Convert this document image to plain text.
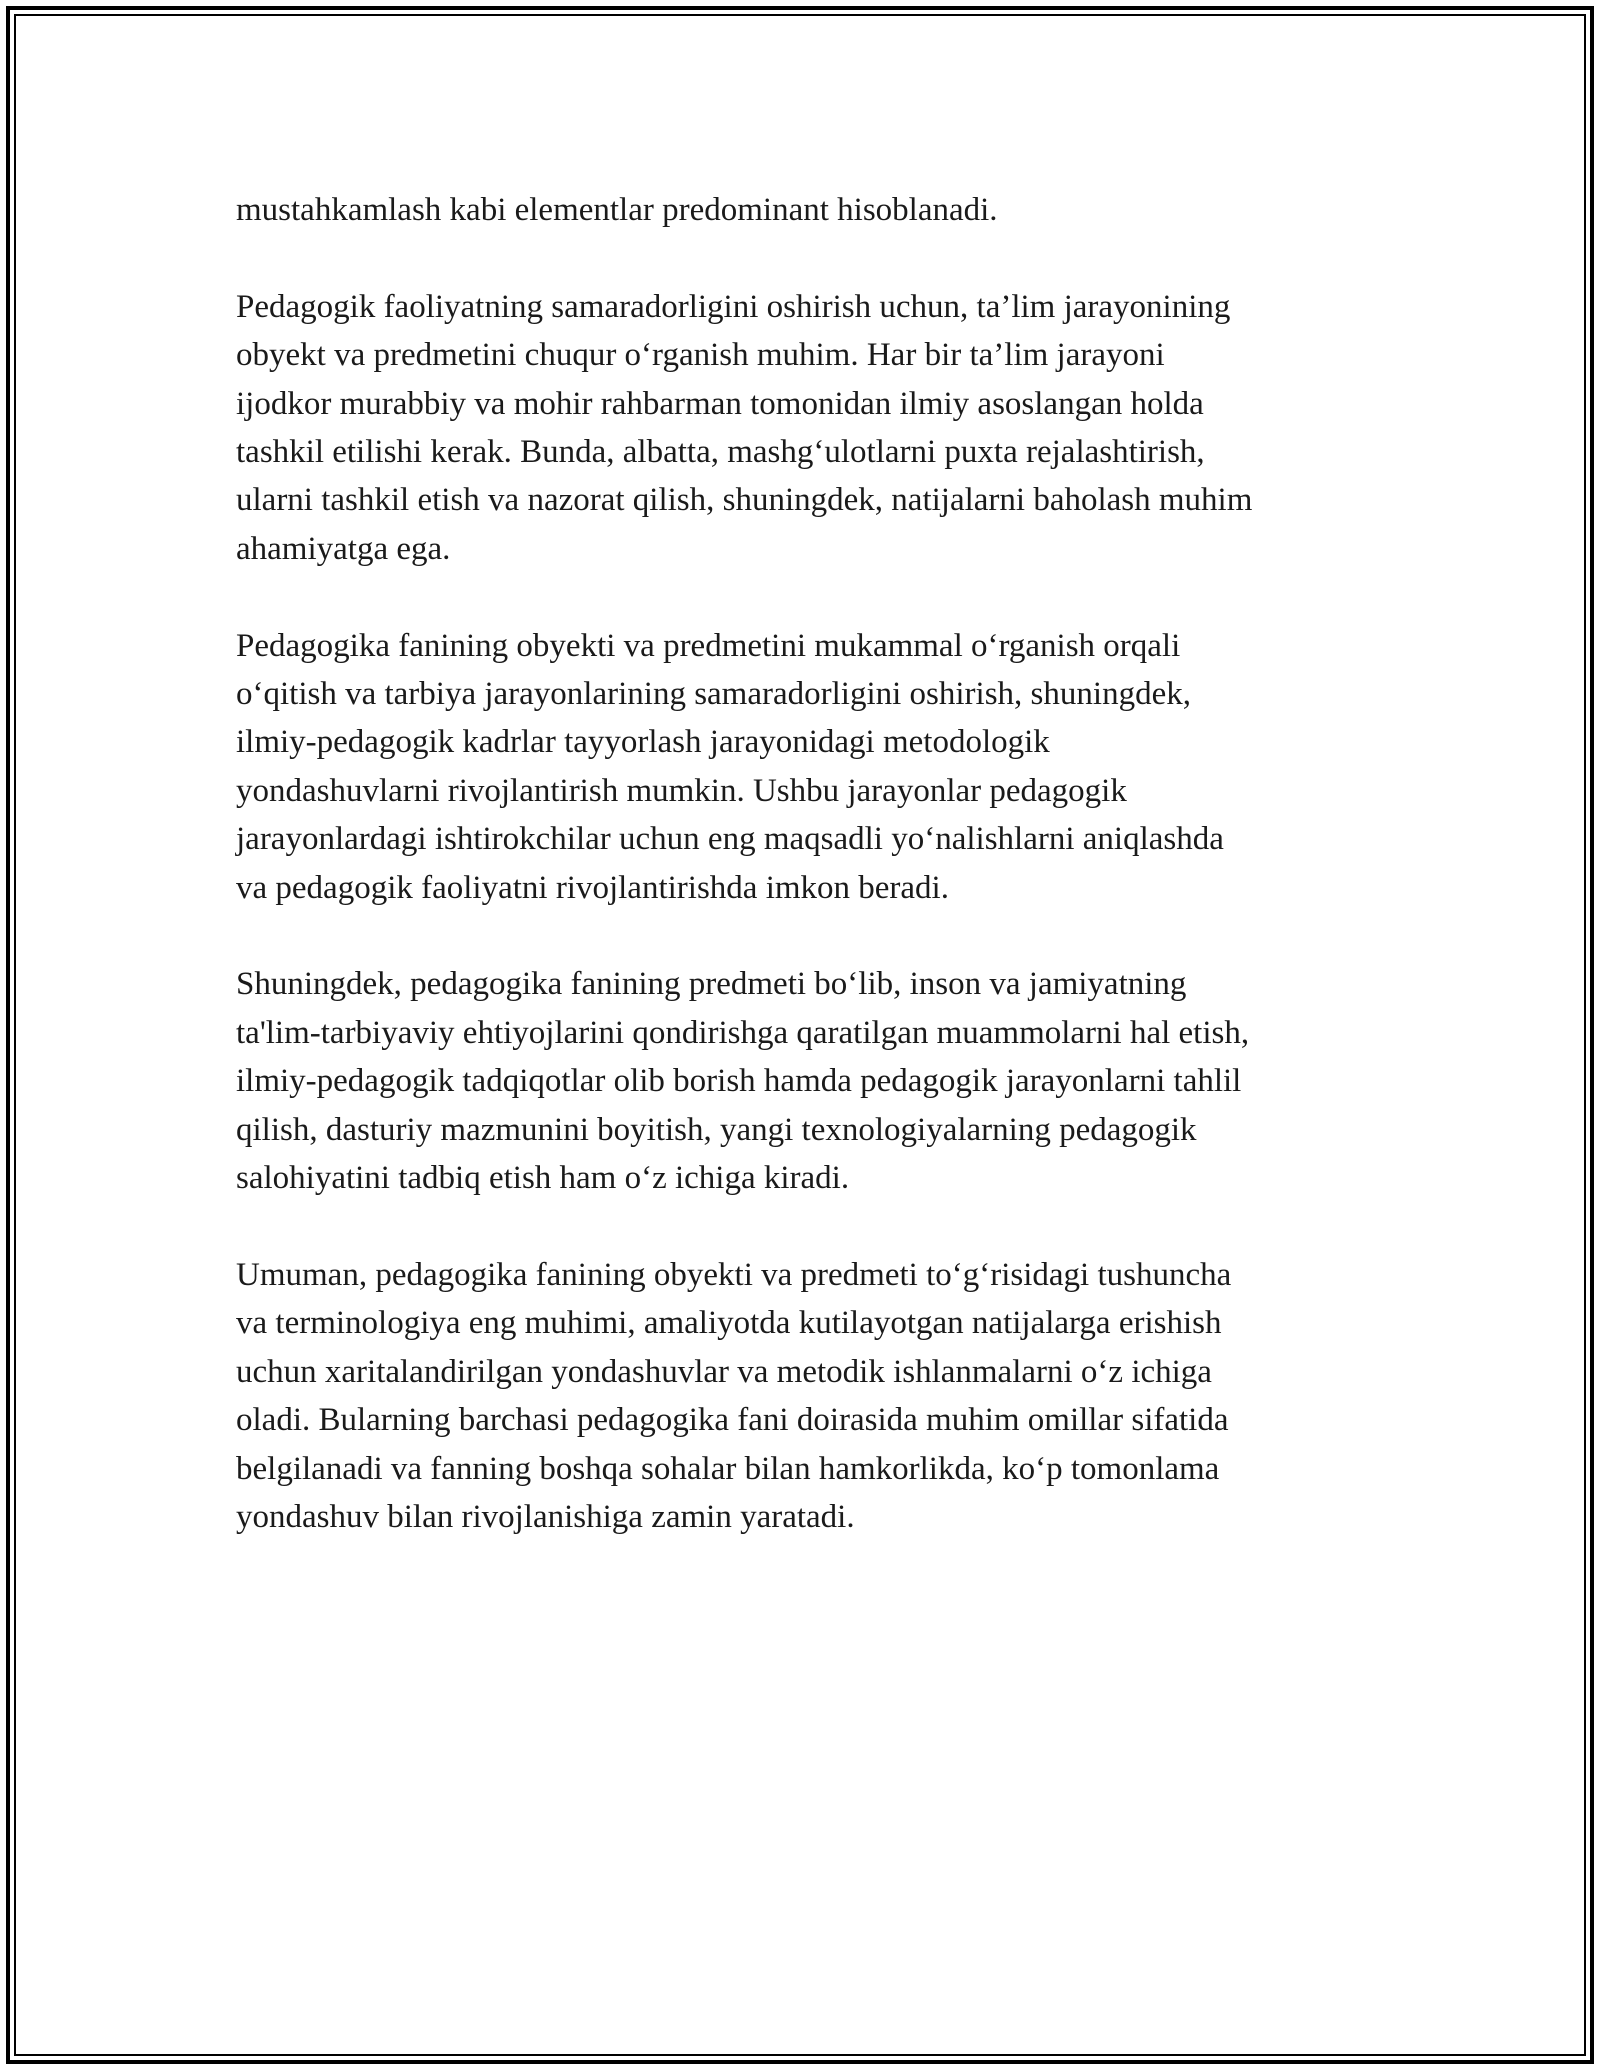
mustahkamlash kabi elementlar predominant hisoblanadi.

Pedagogik faoliyatning samaradorligini oshirish uchun, ta’lim jarayonining
obyekt va predmetini chuqur o‘rganish muhim. Har bir ta’lim jarayoni
ijodkor murabbiy va mohir rahbarman tomonidan ilmiy asoslangan holda
tashkil etilishi kerak. Bunda, albatta, mashg‘ulotlarni puxta rejalashtirish,
ularni tashkil etish va nazorat qilish, shuningdek, natijalarni baholash muhim
ahamiyatga ega.

Pedagogika fanining obyekti va predmetini mukammal o‘rganish orqali
o‘qitish va tarbiya jarayonlarining samaradorligini oshirish, shuningdek,
ilmiy-pedagogik kadrlar tayyorlash jarayonidagi metodologik
yondashuvlarni rivojlantirish mumkin. Ushbu jarayonlar pedagogik
jarayonlardagi ishtirokchilar uchun eng maqsadli yo‘nalishlarni aniqlashda
va pedagogik faoliyatni rivojlantirishda imkon beradi.

Shuningdek, pedagogika fanining predmeti bo‘lib, inson va jamiyatning
ta'lim-tarbiyaviy ehtiyojlarini qondirishga qaratilgan muammolarni hal etish,
ilmiy-pedagogik tadqiqotlar olib borish hamda pedagogik jarayonlarni tahlil
qilish, dasturiy mazmunini boyitish, yangi texnologiyalarning pedagogik
salohiyatini tadbiq etish ham o‘z ichiga kiradi.

Umuman, pedagogika fanining obyekti va predmeti to‘g‘risidagi tushuncha
va terminologiya eng muhimi, amaliyotda kutilayotgan natijalarga erishish
uchun xaritalandirilgan yondashuvlar va metodik ishlanmalarni o‘z ichiga
oladi. Bularning barchasi pedagogika fani doirasida muhim omillar sifatida
belgilanadi va fanning boshqa sohalar bilan hamkorlikda, ko‘p tomonlama
yondashuv bilan rivojlanishiga zamin yaratadi.
